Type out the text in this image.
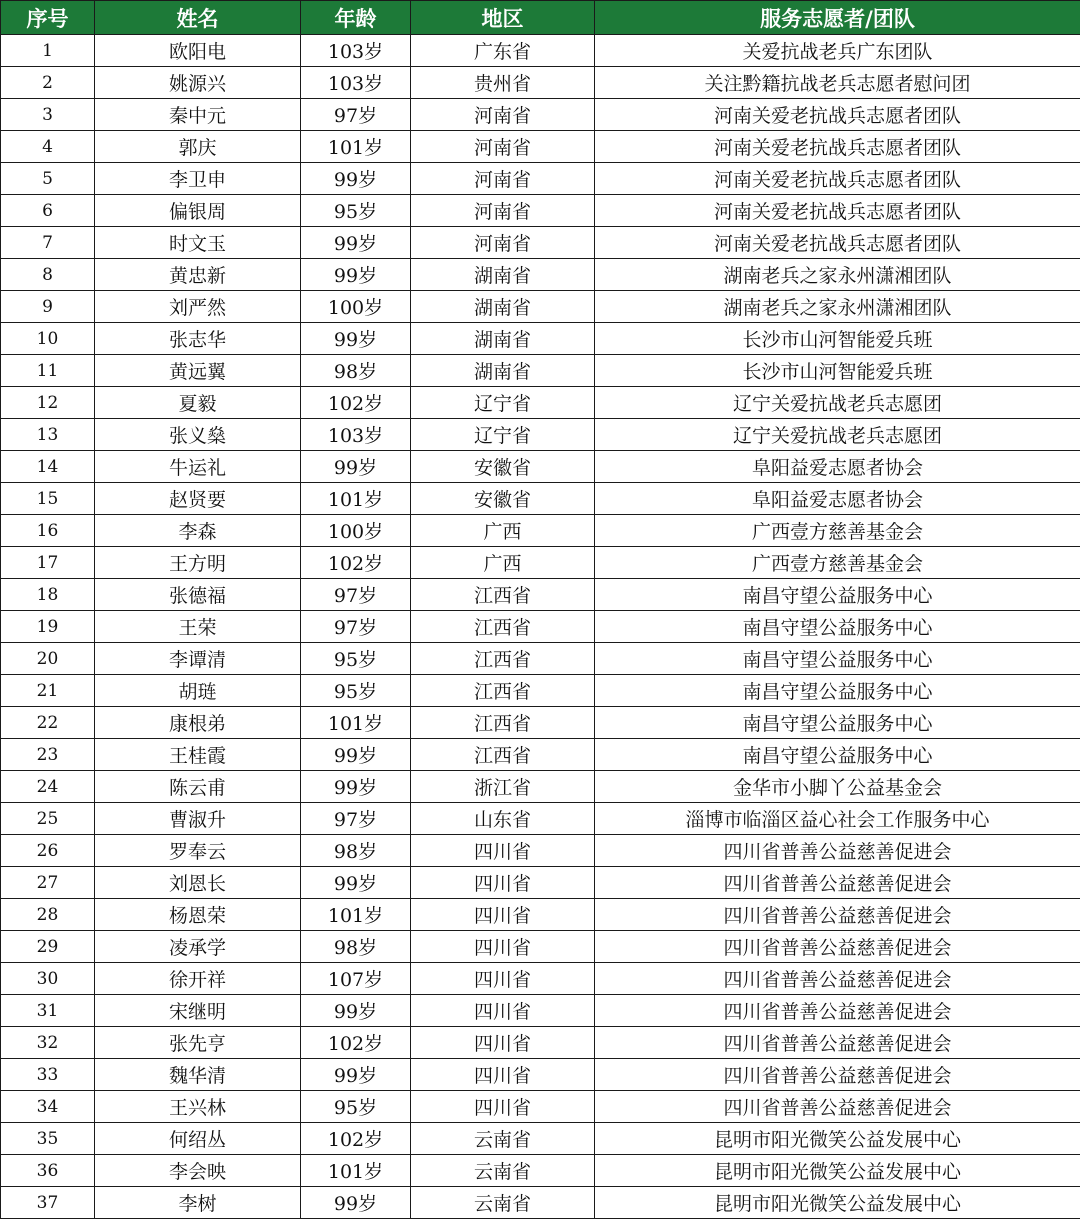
序号	姓名	年龄	地区	服务志愿者/团队
1	欧阳电	103岁	广东省	关爱抗战老兵广东团队
2	姚源兴	103岁	贵州省	关注黔籍抗战老兵志愿者慰问团
3	秦中元	97岁	河南省	河南关爱老抗战兵志愿者团队
4	郭庆	101岁	河南省	河南关爱老抗战兵志愿者团队
5	李卫申	99岁	河南省	河南关爱老抗战兵志愿者团队
6	偏银周	95岁	河南省	河南关爱老抗战兵志愿者团队
7	时文玉	99岁	河南省	河南关爱老抗战兵志愿者团队
8	黄忠新	99岁	湖南省	湖南老兵之家永州潇湘团队
9	刘严然	100岁	湖南省	湖南老兵之家永州潇湘团队
10	张志华	99岁	湖南省	长沙市山河智能爱兵班
11	黄远翼	98岁	湖南省	长沙市山河智能爱兵班
12	夏毅	102岁	辽宁省	辽宁关爱抗战老兵志愿团
13	张义燊	103岁	辽宁省	辽宁关爱抗战老兵志愿团
14	牛运礼	99岁	安徽省	阜阳益爱志愿者协会
15	赵贤要	101岁	安徽省	阜阳益爱志愿者协会
16	李森	100岁	广西	广西壹方慈善基金会
17	王方明	102岁	广西	广西壹方慈善基金会
18	张德福	97岁	江西省	南昌守望公益服务中心
19	王荣	97岁	江西省	南昌守望公益服务中心
20	李谭清	95岁	江西省	南昌守望公益服务中心
21	胡琏	95岁	江西省	南昌守望公益服务中心
22	康根弟	101岁	江西省	南昌守望公益服务中心
23	王桂霞	99岁	江西省	南昌守望公益服务中心
24	陈云甫	99岁	浙江省	金华市小脚丫公益基金会
25	曹淑升	97岁	山东省	淄博市临淄区益心社会工作服务中心
26	罗奉云	98岁	四川省	四川省普善公益慈善促进会
27	刘恩长	99岁	四川省	四川省普善公益慈善促进会
28	杨恩荣	101岁	四川省	四川省普善公益慈善促进会
29	凌承学	98岁	四川省	四川省普善公益慈善促进会
30	徐开祥	107岁	四川省	四川省普善公益慈善促进会
31	宋继明	99岁	四川省	四川省普善公益慈善促进会
32	张先亨	102岁	四川省	四川省普善公益慈善促进会
33	魏华清	99岁	四川省	四川省普善公益慈善促进会
34	王兴林	95岁	四川省	四川省普善公益慈善促进会
35	何绍丛	102岁	云南省	昆明市阳光微笑公益发展中心
36	李会映	101岁	云南省	昆明市阳光微笑公益发展中心
37	李树	99岁	云南省	昆明市阳光微笑公益发展中心
